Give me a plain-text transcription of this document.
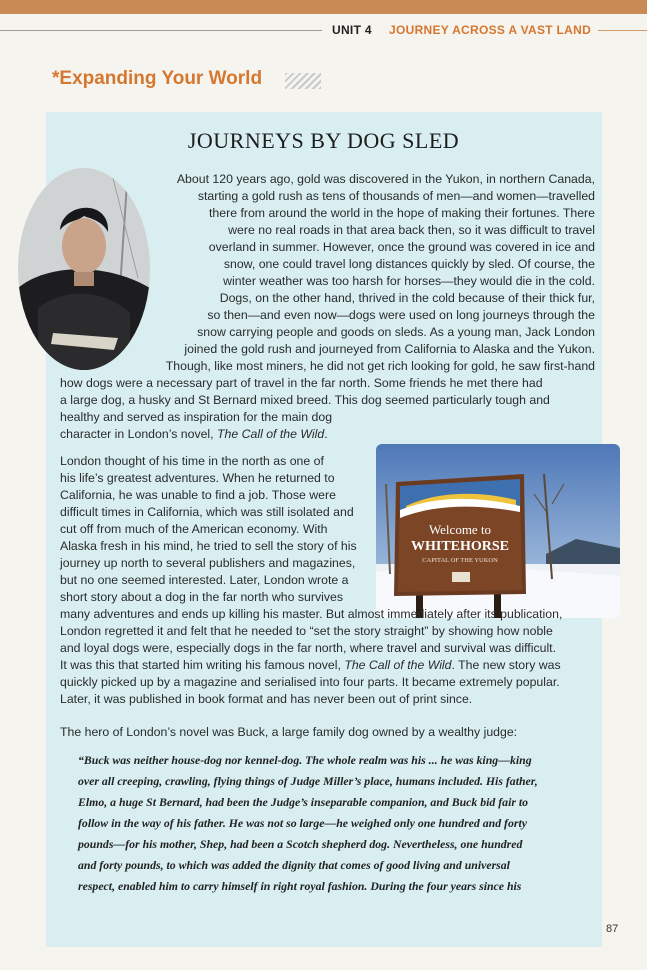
UNIT 4 JOURNEY ACROSS A VAST LAND
*Expanding Your World
JOURNEYS BY DOG SLED
Welcome to
WHITEHORSE
CAPITAL OF THE YUKON
About 120 years ago, gold was discovered in the Yukon, in northern Canada,
starting a gold rush as tens of thousands of men—and women—travelled
there from around the world in the hope of making their fortunes. There
were no real roads in that area back then, so it was difficult to travel
overland in summer. However, once the ground was covered in ice and
snow, one could travel long distances quickly by sled. Of course, the
winter weather was too harsh for horses—they would die in the cold.
Dogs, on the other hand, thrived in the cold because of their thick fur,
so then—and even now—dogs were used on long journeys through the
snow carrying people and goods on sleds. As a young man, Jack London
joined the gold rush and journeyed from California to Alaska and the Yukon.
Though, like most miners, he did not get rich looking for gold, he saw first-hand
how dogs were a necessary part of travel in the far north. Some friends he met there had
a large dog, a husky and St Bernard mixed breed. This dog seemed particularly tough and
healthy and served as inspiration for the main dog
character in London’s novel, The Call of the Wild.
London thought of his time in the north as one of
his life’s greatest adventures. When he returned to
California, he was unable to find a job. Those were
difficult times in California, which was still isolated and
cut off from much of the American economy. With
Alaska fresh in his mind, he tried to sell the story of his
journey up north to several publishers and magazines,
but no one seemed interested. Later, London wrote a
short story about a dog in the far north who survives
many adventures and ends up killing his master. But almost immediately after its publication,
London regretted it and felt that he needed to “set the story straight” by showing how noble
and loyal dogs were, especially dogs in the far north, where travel and survival was difficult.
It was this that started him writing his famous novel, The Call of the Wild. The new story was
quickly picked up by a magazine and serialised into four parts. It became extremely popular.
Later, it was published in book format and has never been out of print since.
The hero of London’s novel was Buck, a large family dog owned by a wealthy judge:
“Buck was neither house-dog nor kennel-dog. The whole realm was his ... he was king—king
over all creeping, crawling, flying things of Judge Miller’s place, humans included. His father,
Elmo, a huge St Bernard, had been the Judge’s inseparable companion, and Buck bid fair to
follow in the way of his father. He was not so large—he weighed only one hundred and forty
pounds—for his mother, Shep, had been a Scotch shepherd dog. Nevertheless, one hundred
and forty pounds, to which was added the dignity that comes of good living and universal
respect, enabled him to carry himself in right royal fashion. During the four years since his
87
